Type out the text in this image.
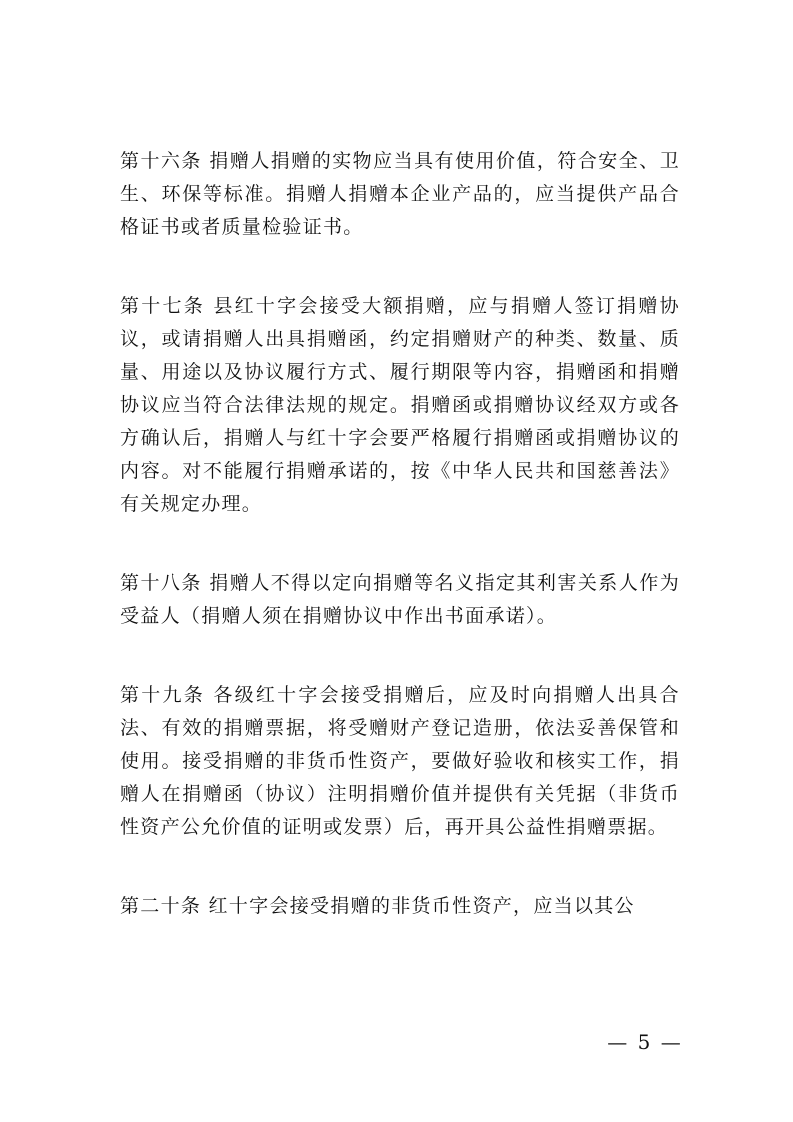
第十六条 捐赠人捐赠的实物应当具有使用价值，符合安全、卫生、环保等标准。捐赠人捐赠本企业产品的，应当提供产品合格证书或者质量检验证书。

第十七条 县红十字会接受大额捐赠，应与捐赠人签订捐赠协议，或请捐赠人出具捐赠函，约定捐赠财产的种类、数量、质量、用途以及协议履行方式、履行期限等内容，捐赠函和捐赠协议应当符合法律法规的规定。捐赠函或捐赠协议经双方或各方确认后，捐赠人与红十字会要严格履行捐赠函或捐赠协议的内容。对不能履行捐赠承诺的，按《中华人民共和国慈善法》有关规定办理。

第十八条 捐赠人不得以定向捐赠等名义指定其利害关系人作为受益人（捐赠人须在捐赠协议中作出书面承诺）。

第十九条 各级红十字会接受捐赠后，应及时向捐赠人出具合法、有效的捐赠票据，将受赠财产登记造册，依法妥善保管和使用。接受捐赠的非货币性资产，要做好验收和核实工作，捐赠人在捐赠函（协议）注明捐赠价值并提供有关凭据（非货币性资产公允价值的证明或发票）后，再开具公益性捐赠票据。

第二十条 红十字会接受捐赠的非货币性资产，应当以其公

— 5 —
